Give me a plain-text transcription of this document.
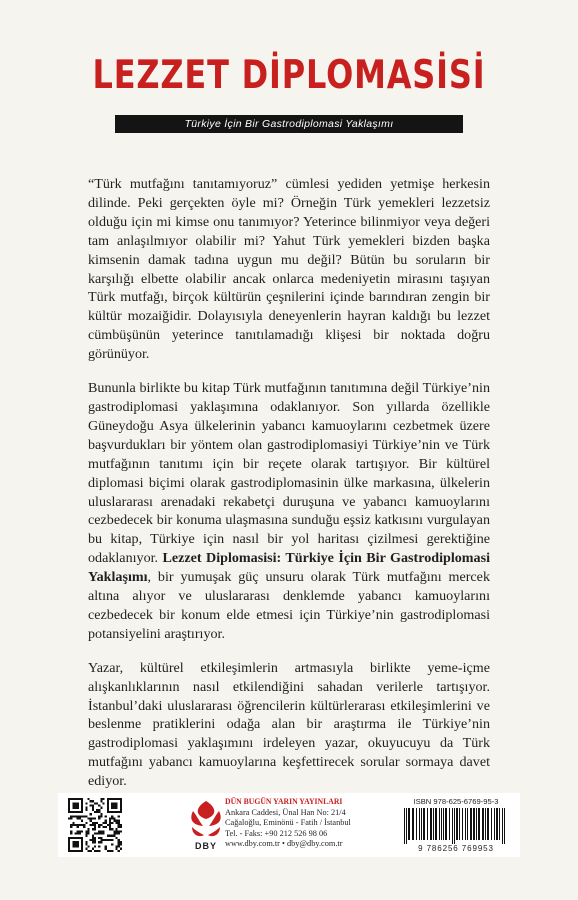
LEZZET DİPLOMASİSİ
Türkiye İçin Bir Gastrodiplomasi Yaklaşımı

“Türk mutfağını tanıtamıyoruz” cümlesi yediden yetmişe herkesin dilinde. Peki gerçekten öyle mi? Örneğin Türk yemekleri lezzetsiz olduğu için mi kimse onu tanımıyor? Yeterince bilinmiyor veya değeri tam anlaşılmıyor olabilir mi? Yahut Türk yemekleri bizden başka kimsenin damak tadına uygun mu değil? Bütün bu soruların bir karşılığı elbette olabilir ancak onlarca medeniyetin mirasını taşıyan Türk mutfağı, birçok kültürün çeşnilerini içinde barındıran zengin bir kültür mozaiğidir. Dolayısıyla deneyenlerin hayran kaldığı bu lezzet cümbüşünün yeterince tanıtılamadığı klişesi bir noktada doğru görünüyor.

Bununla birlikte bu kitap Türk mutfağının tanıtımına değil Türkiye’nin gastrodiplomasi yaklaşımına odaklanıyor. Son yıllarda özellikle Güneydoğu Asya ülkelerinin yabancı kamuoylarını cezbetmek üzere başvurdukları bir yöntem olan gastrodiplomasiyi Türkiye’nin ve Türk mutfağının tanıtımı için bir reçete olarak tartışıyor. Bir kültürel diplomasi biçimi olarak gastrodiplomasinin ülke markasına, ülkelerin uluslararası arenadaki rekabetçi duruşuna ve yabancı kamuoylarını cezbedecek bir konuma ulaşmasına sunduğu eşsiz katkısını vurgulayan bu kitap, Türkiye için nasıl bir yol haritası çizilmesi gerektiğine odaklanıyor. Lezzet Diplomasisi: Türkiye İçin Bir Gastrodiplomasi Yaklaşımı, bir yumuşak güç unsuru olarak Türk mutfağını mercek altına alıyor ve uluslararası denklemde yabancı kamuoylarını cezbedecek bir konum elde etmesi için Türkiye’nin gastrodiplomasi potansiyelini araştırıyor.

Yazar, kültürel etkileşimlerin artmasıyla birlikte yeme-içme alışkanlıklarının nasıl etkilendiğini sahadan verilerle tartışıyor. İstanbul’daki uluslararası öğrencilerin kültürlerarası etkileşimlerini ve beslenme pratiklerini odağa alan bir araştırma ile Türkiye’nin gastrodiplomasi yaklaşımını irdeleyen yazar, okuyucuyu da Türk mutfağını yabancı kamuoylarına keşfettirecek sorular sormaya davet ediyor.

DBY
DÜN BUGÜN YARIN YAYINLARI
Ankara Caddesi, Ünal Han No: 21/4
Cağaloğlu, Eminönü - Fatih / İstanbul
Tel. - Faks: +90 212 526 98 06
www.dby.com.tr • dby@dby.com.tr
ISBN 978-625-6769-95-3
9 786256 769953
